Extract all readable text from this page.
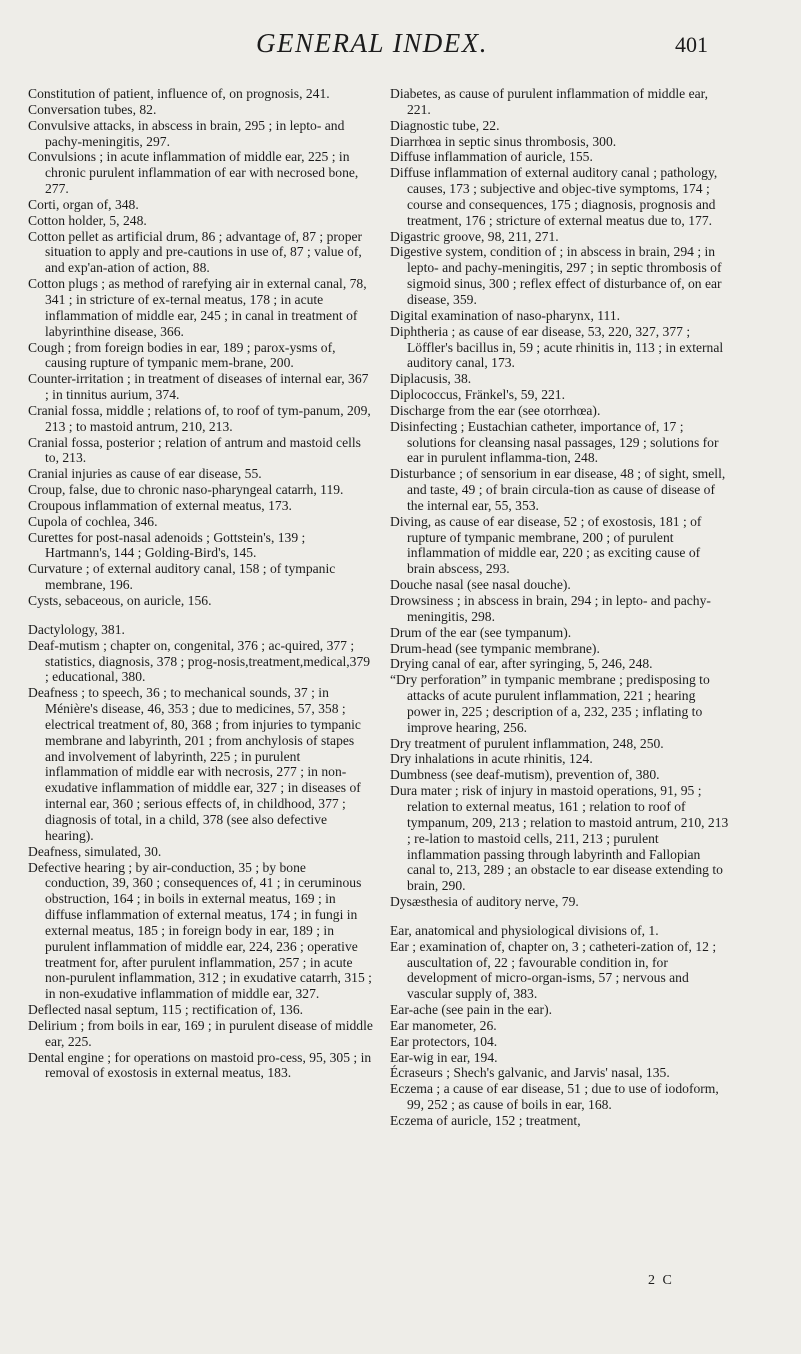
GENERAL INDEX.	401

Constitution of patient, influence of, on prognosis, 241.

Conversation tubes, 82.

Convulsive attacks, in abscess in brain, 295 ; in lepto- and pachy-meningitis, 297.

Convulsions ; in acute inflammation of middle ear, 225 ; in chronic purulent inflammation of ear with necrosed bone, 277.

Corti, organ of, 348.

Cotton holder, 5, 248.

Cotton pellet as artificial drum, 86 ; advantage of, 87 ; proper situation to apply and pre-cautions in use of, 87 ; value of, and exp'an-ation of action, 88.

Cotton plugs ; as method of rarefying air in external canal, 78, 341 ; in stricture of ex-ternal meatus, 178 ; in acute inflammation of middle ear, 245 ; in canal in treatment of labyrinthine disease, 366.

Cough ; from foreign bodies in ear, 189 ; parox-ysms of, causing rupture of tympanic mem-brane, 200.

Counter-irritation ; in treatment of diseases of internal ear, 367 ; in tinnitus aurium, 374.

Cranial fossa, middle ; relations of, to roof of tym-panum, 209, 213 ; to mastoid antrum, 210, 213.

Cranial fossa, posterior ; relation of antrum and mastoid cells to, 213.

Cranial injuries as cause of ear disease, 55.

Croup, false, due to chronic naso-pharyngeal catarrh, 119.

Croupous inflammation of external meatus, 173.

Cupola of cochlea, 346.

Curettes for post-nasal adenoids ; Gottstein's, 139 ; Hartmann's, 144 ; Golding-Bird's, 145.

Curvature ; of external auditory canal, 158 ; of tympanic membrane, 196.

Cysts, sebaceous, on auricle, 156.

Dactylology, 381.

Deaf-mutism ; chapter on, congenital, 376 ; ac-quired, 377 ; statistics, diagnosis, 378 ; prog-nosis,treatment,medical,379 ; educational, 380.

Deafness ; to speech, 36 ; to mechanical sounds, 37 ; in Ménière's disease, 46, 353 ; due to medicines, 57, 358 ; electrical treatment of, 80, 368 ; from injuries to tympanic membrane and labyrinth, 201 ; from anchylosis of stapes and involvement of labyrinth, 225 ; in purulent inflammation of middle ear with necrosis, 277 ; in non-exudative inflammation of middle ear, 327 ; in diseases of internal ear, 360 ; serious effects of, in childhood, 377 ; diagnosis of total, in a child, 378 (see also defective hearing).

Deafness, simulated, 30.

Defective hearing ; by air-conduction, 35 ; by bone conduction, 39, 360 ; consequences of, 41 ; in ceruminous obstruction, 164 ; in boils in external meatus, 169 ; in diffuse inflammation of external meatus, 174 ; in fungi in external meatus, 185 ; in foreign body in ear, 189 ; in purulent inflammation of middle ear, 224, 236 ; operative treatment for, after purulent inflammation, 257 ; in acute non-purulent inflammation, 312 ; in exudative catarrh, 315 ; in non-exudative inflammation of middle ear, 327.

Deflected nasal septum, 115 ; rectification of, 136.

Delirium ; from boils in ear, 169 ; in purulent disease of middle ear, 225.

Dental engine ; for operations on mastoid pro-cess, 95, 305 ; in removal of exostosis in external meatus, 183.

Diabetes, as cause of purulent inflammation of middle ear, 221.

Diagnostic tube, 22.

Diarrhœa in septic sinus thrombosis, 300.

Diffuse inflammation of auricle, 155.

Diffuse inflammation of external auditory canal ; pathology, causes, 173 ; subjective and objec-tive symptoms, 174 ; course and consequences, 175 ; diagnosis, prognosis and treatment, 176 ; stricture of external meatus due to, 177.

Digastric groove, 98, 211, 271.

Digestive system, condition of ; in abscess in brain, 294 ; in lepto- and pachy-meningitis, 297 ; in septic thrombosis of sigmoid sinus, 300 ; reflex effect of disturbance of, on ear disease, 359.

Digital examination of naso-pharynx, 111.

Diphtheria ; as cause of ear disease, 53, 220, 327, 377 ; Löffler's bacillus in, 59 ; acute rhinitis in, 113 ; in external auditory canal, 173.

Diplacusis, 38.

Diplococcus, Fränkel's, 59, 221.

Discharge from the ear (see otorrhœa).

Disinfecting ; Eustachian catheter, importance of, 17 ; solutions for cleansing nasal passages, 129 ; solutions for ear in purulent inflamma-tion, 248.

Disturbance ; of sensorium in ear disease, 48 ; of sight, smell, and taste, 49 ; of brain circula-tion as cause of disease of the internal ear, 55, 353.

Diving, as cause of ear disease, 52 ; of exostosis, 181 ; of rupture of tympanic membrane, 200 ; of purulent inflammation of middle ear, 220 ; as exciting cause of brain abscess, 293.

Douche nasal (see nasal douche).

Drowsiness ; in abscess in brain, 294 ; in lepto- and pachy-meningitis, 298.

Drum of the ear (see tympanum).

Drum-head (see tympanic membrane).

Drying canal of ear, after syringing, 5, 246, 248.

“Dry perforation” in tympanic membrane ; predisposing to attacks of acute purulent inflammation, 221 ; hearing power in, 225 ; description of a, 232, 235 ; inflating to improve hearing, 256.

Dry treatment of purulent inflammation, 248, 250.

Dry inhalations in acute rhinitis, 124.

Dumbness (see deaf-mutism), prevention of, 380.

Dura mater ; risk of injury in mastoid operations, 91, 95 ; relation to external meatus, 161 ; relation to roof of tympanum, 209, 213 ; relation to mastoid antrum, 210, 213 ; re-lation to mastoid cells, 211, 213 ; purulent inflammation passing through labyrinth and Fallopian canal to, 213, 289 ; an obstacle to ear disease extending to brain, 290.

Dysæsthesia of auditory nerve, 79.

Ear, anatomical and physiological divisions of, 1.

Ear ; examination of, chapter on, 3 ; catheteri-zation of, 12 ; auscultation of, 22 ; favourable condition in, for development of micro-organ-isms, 57 ; nervous and vascular supply of, 383.

Ear-ache (see pain in the ear).

Ear manometer, 26.

Ear protectors, 104.

Ear-wig in ear, 194.

Écraseurs ; Shech's galvanic, and Jarvis' nasal, 135.

Eczema ; a cause of ear disease, 51 ; due to use of iodoform, 99, 252 ; as cause of boils in ear, 168.

Eczema of auricle, 152 ; treatment,

2 C
